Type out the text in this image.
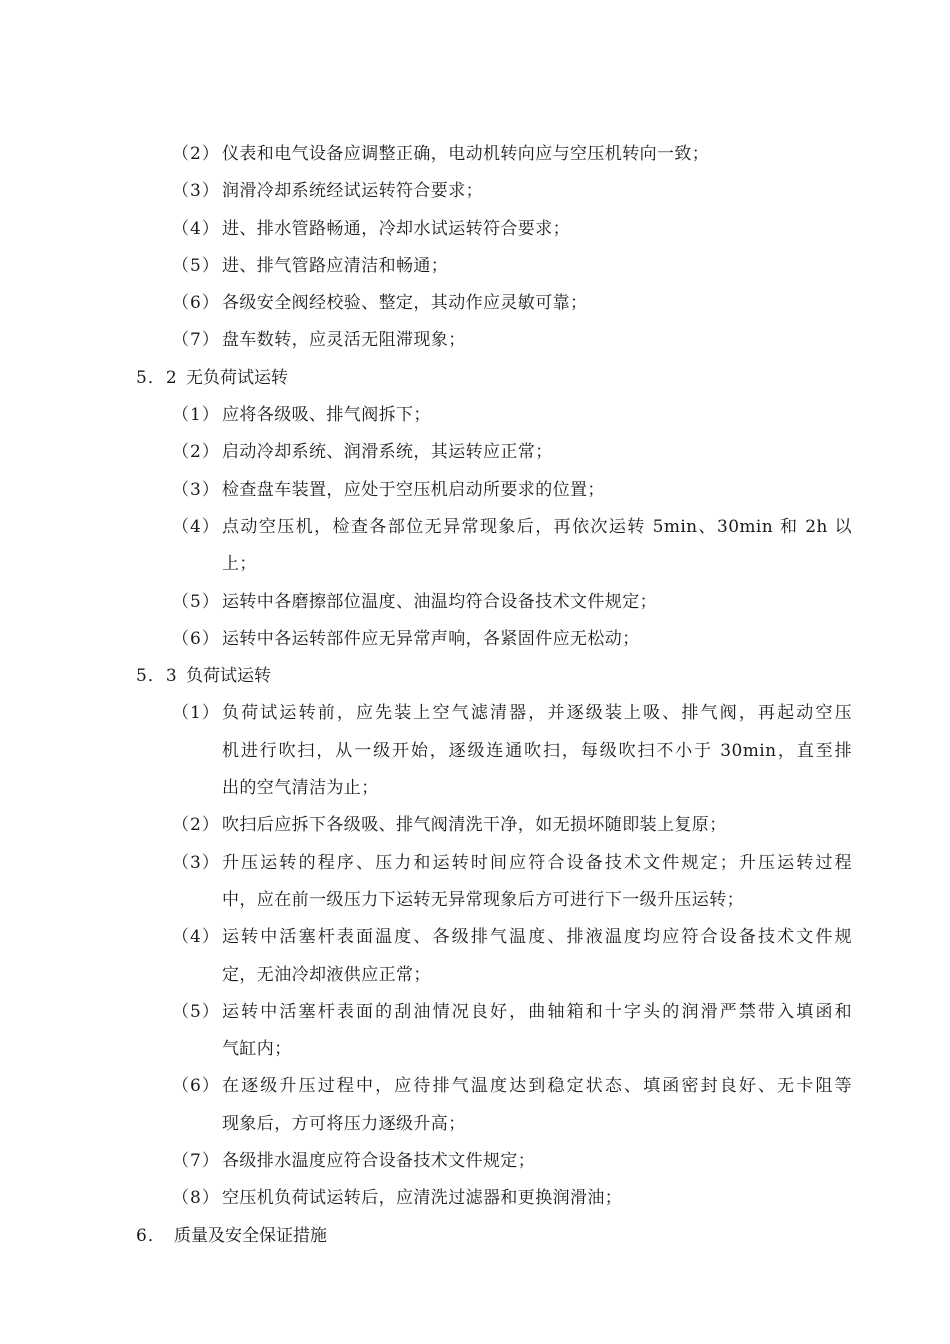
（2） 仪表和电气设备应调整正确，电动机转向应与空压机转向一致；
（3） 润滑冷却系统经试运转符合要求；
（4） 进、排水管路畅通，冷却水试运转符合要求；
（5） 进、排气管路应清洁和畅通；
（6） 各级安全阀经校验、整定，其动作应灵敏可靠；
（7） 盘车数转，应灵活无阻滞现象；
5．2 无负荷试运转
（1） 应将各级吸、排气阀拆下；
（2） 启动冷却系统、润滑系统，其运转应正常；
（3） 检查盘车装置，应处于空压机启动所要求的位置；
（4） 点动空压机，检查各部位无异常现象后，再依次运转 5min、30min 和 2h 以
上；
（5） 运转中各磨擦部位温度、油温均符合设备技术文件规定；
（6） 运转中各运转部件应无异常声响，各紧固件应无松动；
5．3 负荷试运转
（1） 负荷试运转前，应先装上空气滤清器，并逐级装上吸、排气阀，再起动空压
机进行吹扫，从一级开始，逐级连通吹扫，每级吹扫不小于 30min，直至排
出的空气清洁为止；
（2） 吹扫后应拆下各级吸、排气阀清洗干净，如无损坏随即装上复原；
（3） 升压运转的程序、压力和运转时间应符合设备技术文件规定；升压运转过程
中，应在前一级压力下运转无异常现象后方可进行下一级升压运转；
（4） 运转中活塞杆表面温度、各级排气温度、排液温度均应符合设备技术文件规
定，无油冷却液供应正常；
（5） 运转中活塞杆表面的刮油情况良好，曲轴箱和十字头的润滑严禁带入填函和
气缸内；
（6） 在逐级升压过程中，应待排气温度达到稳定状态、填函密封良好、无卡阻等
现象后，方可将压力逐级升高；
（7） 各级排水温度应符合设备技术文件规定；
（8） 空压机负荷试运转后，应清洗过滤器和更换润滑油；
6． 质量及安全保证措施
